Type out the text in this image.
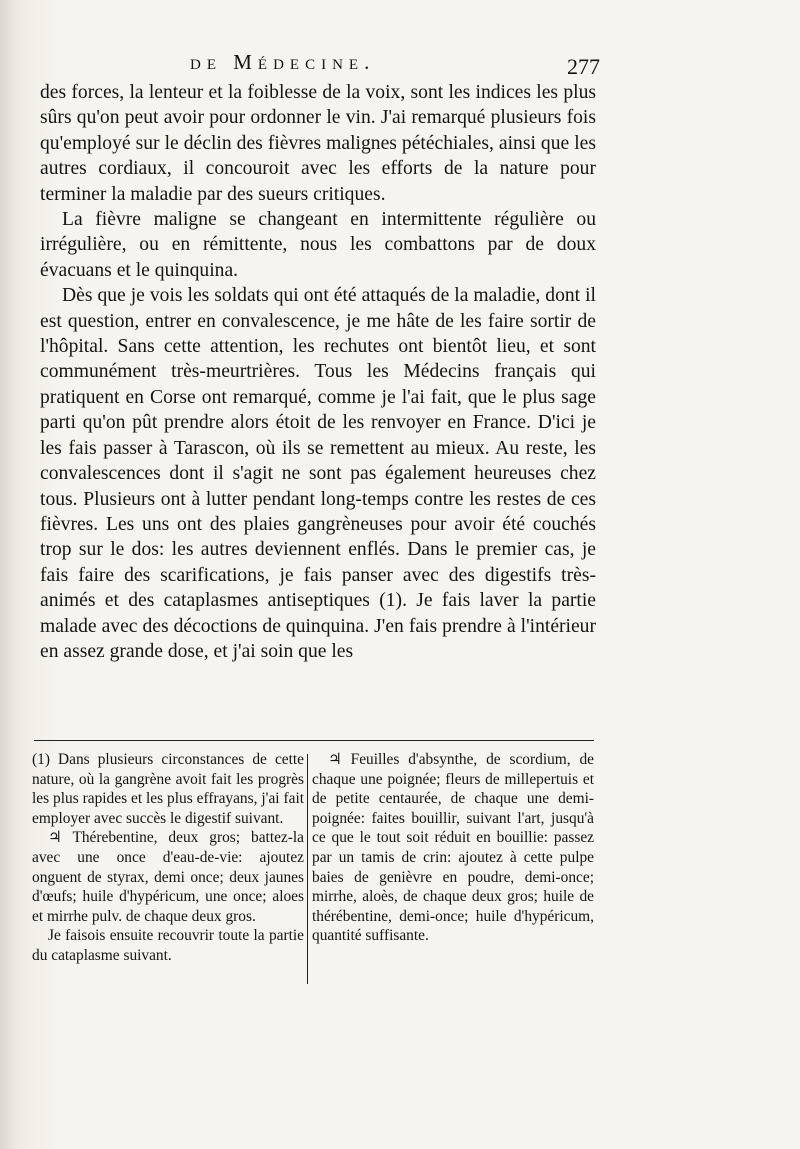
de Médecine.	277

des forces, la lenteur et la foiblesse de la voix, sont les indices les plus sûrs qu'on peut avoir pour ordonner le vin. J'ai remarqué plusieurs fois qu'employé sur le déclin des fièvres malignes pétéchiales, ainsi que les autres cordiaux, il concouroit avec les efforts de la nature pour terminer la maladie par des sueurs critiques.

La fièvre maligne se changeant en intermittente régulière ou irrégulière, ou en rémittente, nous les combattons par de doux évacuans et le quinquina.

Dès que je vois les soldats qui ont été attaqués de la maladie, dont il est question, entrer en convalescence, je me hâte de les faire sortir de l'hôpital. Sans cette attention, les rechutes ont bientôt lieu, et sont communément très-meurtrières. Tous les Médecins français qui pratiquent en Corse ont remarqué, comme je l'ai fait, que le plus sage parti qu'on pût prendre alors étoit de les renvoyer en France. D'ici je les fais passer à Tarascon, où ils se remettent au mieux. Au reste, les convalescences dont il s'agit ne sont pas également heureuses chez tous. Plusieurs ont à lutter pendant long-temps contre les restes de ces fièvres. Les uns ont des plaies gangrèneuses pour avoir été couchés trop sur le dos: les autres deviennent enflés. Dans le premier cas, je fais faire des scarifications, je fais panser avec des digestifs très-animés et des cataplasmes antiseptiques (1). Je fais laver la partie malade avec des décoctions de quinquina. J'en fais prendre à l'intérieur en assez grande dose, et j'ai soin que les

(1) Dans plusieurs circonstances de cette nature, où la gangrène avoit fait les progrès les plus rapides et les plus effrayans, j'ai fait employer avec succès le digestif suivant.

♃ Thérebentine, deux gros; battez-la avec une once d'eau-de-vie: ajoutez onguent de styrax, demi once; deux jaunes d'œufs; huile d'hypéricum, une once; aloes et mirrhe pulv. de chaque deux gros.

Je faisois ensuite recouvrir toute la partie du cataplasme suivant.

♃ Feuilles d'absynthe, de scordium, de chaque une poignée; fleurs de millepertuis et de petite centaurée, de chaque une demi-poignée: faites bouillir, suivant l'art, jusqu'à ce que le tout soit réduit en bouillie: passez par un tamis de crin: ajoutez à cette pulpe baies de genièvre en poudre, demi-once; mirrhe, aloès, de chaque deux gros; huile de thérébentine, demi-once; huile d'hypéricum, quantité suffisante.
